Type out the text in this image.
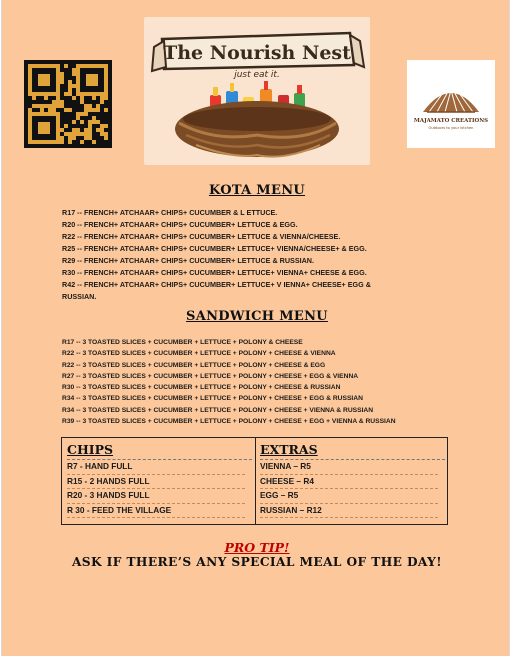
The Nourish Nest
just eat it.
MAJAMATO CREATIONS
Outdoors to your kitchen
KOTA MENU
R17 -- FRENCH+ ATCHAAR+ CHIPS+ CUCUMBER & L ETTUCE.
R20 -- FRENCH+ ATCHAAR+ CHIPS+ CUCUMBER+ LETTUCE & EGG.
R22 -- FRENCH+ ATCHAAR+ CHIPS+ CUCUMBER+ LETTUCE & VIENNA/CHEESE.
R25 -- FRENCH+ ATCHAAR+ CHIPS+ CUCUMBER+ LETTUCE+ VIENNA/CHEESE+ & EGG.
R29 -- FRENCH+ ATCHAAR+ CHIPS+ CUCUMBER+ LETTUCE & RUSSIAN.
R30 -- FRENCH+ ATCHAAR+ CHIPS+ CUCUMBER+ LETTUCE+ VIENNA+ CHEESE & EGG.
R42 -- FRENCH+ ATCHAAR+ CHIPS+ CUCUMBER+ LETTUCE+ V IENNA+ CHEESE+ EGG &
RUSSIAN.
SANDWICH MENU
R17 -- 3 TOASTED SLICES + CUCUMBER + LETTUCE + POLONY & CHEESE
R22 -- 3 TOASTED SLICES + CUCUMBER + LETTUCE + POLONY + CHEESE & VIENNA
R22 -- 3 TOASTED SLICES + CUCUMBER + LETTUCE + POLONY + CHEESE & EGG
R27 -- 3 TOASTED SLICES + CUCUMBER + LETTUCE + POLONY + CHEESE + EGG & VIENNA
R30 -- 3 TOASTED SLICES + CUCUMBER + LETTUCE + POLONY + CHEESE & RUSSIAN
R34 -- 3 TOASTED SLICES + CUCUMBER + LETTUCE + POLONY + CHEESE + EGG & RUSSIAN
R34 -- 3 TOASTED SLICES + CUCUMBER + LETTUCE + POLONY + CHEESE + VIENNA & RUSSIAN
R39 -- 3 TOASTED SLICES + CUCUMBER + LETTUCE + POLONY + CHEESE + EGG + VIENNA & RUSSIAN
CHIPS
R7 - HAND FULL
R15 - 2 HANDS FULL
R20 - 3 HANDS FULL
R 30 - FEED THE VILLAGE
EXTRAS
VIENNA – R5
CHEESE – R4
EGG – R5
RUSSIAN – R12
PRO TIP!
ASK IF THERE’S ANY SPECIAL MEAL OF THE DAY!
